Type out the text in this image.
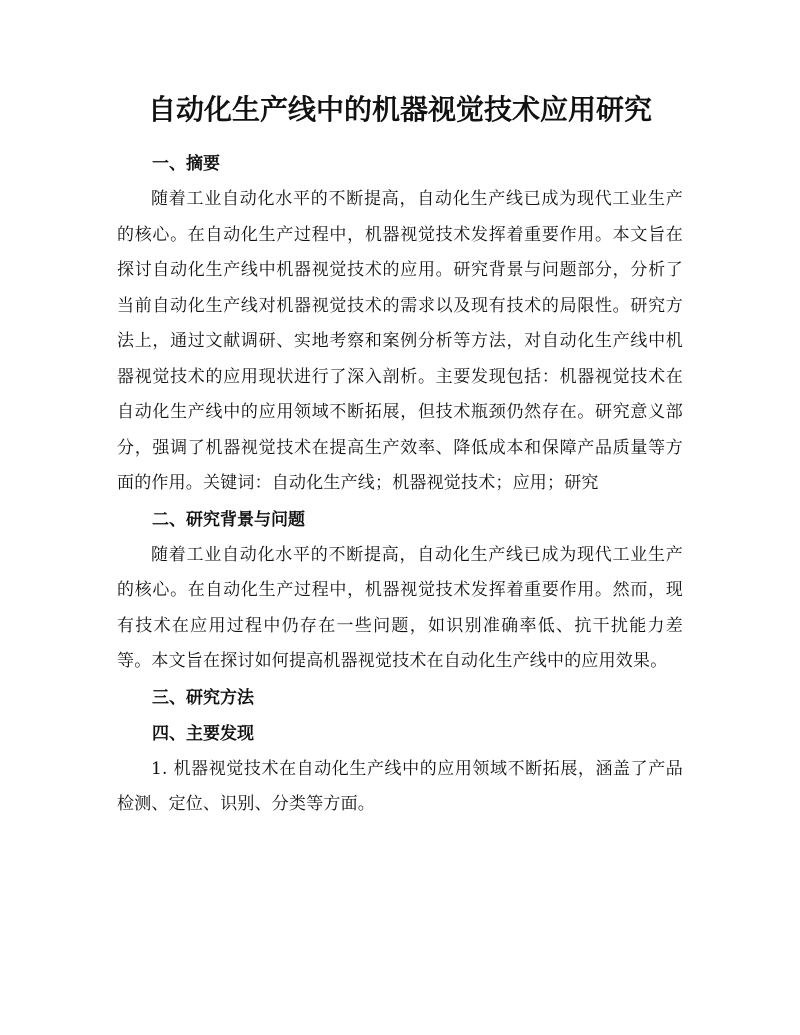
自动化生产线中的机器视觉技术应用研究

一、摘要

随着工业自动化水平的不断提高，自动化生产线已成为现代工业生产的核心。在自动化生产过程中，机器视觉技术发挥着重要作用。本文旨在探讨自动化生产线中机器视觉技术的应用。研究背景与问题部分，分析了当前自动化生产线对机器视觉技术的需求以及现有技术的局限性。研究方法上，通过文献调研、实地考察和案例分析等方法，对自动化生产线中机器视觉技术的应用现状进行了深入剖析。主要发现包括：机器视觉技术在自动化生产线中的应用领域不断拓展，但技术瓶颈仍然存在。研究意义部分，强调了机器视觉技术在提高生产效率、降低成本和保障产品质量等方面的作用。关键词：自动化生产线；机器视觉技术；应用；研究

二、研究背景与问题

随着工业自动化水平的不断提高，自动化生产线已成为现代工业生产的核心。在自动化生产过程中，机器视觉技术发挥着重要作用。然而，现有技术在应用过程中仍存在一些问题，如识别准确率低、抗干扰能力差等。本文旨在探讨如何提高机器视觉技术在自动化生产线中的应用效果。

三、研究方法

四、主要发现

1. 机器视觉技术在自动化生产线中的应用领域不断拓展，涵盖了产品检测、定位、识别、分类等方面。
